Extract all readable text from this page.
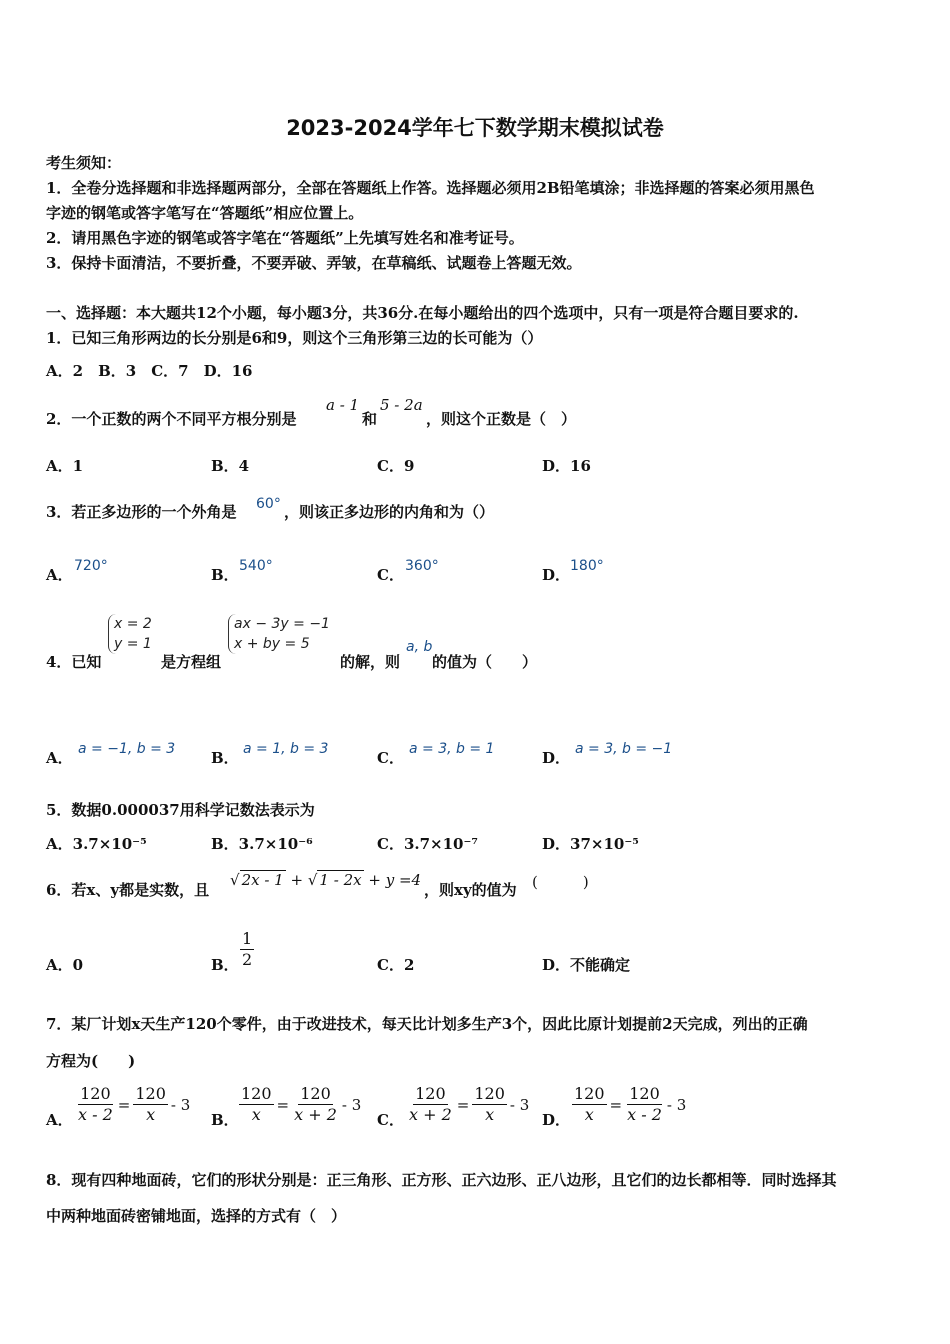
2023-2024学年七下数学期末模拟试卷
考生须知：
1．全卷分选择题和非选择题两部分，全部在答题纸上作答。选择题必须用2B铅笔填涂；非选择题的答案必须用黑色
字迹的钢笔或答字笔写在“答题纸”相应位置上。
2．请用黑色字迹的钢笔或答字笔在“答题纸”上先填写姓名和准考证号。
3．保持卡面清洁，不要折叠，不要弄破、弄皱，在草稿纸、试题卷上答题无效。
一、选择题：本大题共12个小题，每小题3分，共36分.在每小题给出的四个选项中，只有一项是符合题目要求的.
1．已知三角形两边的长分别是6和9，则这个三角形第三边的长可能为（）
A．2　B．3　C．7　D．16
2．一个正数的两个不同平方根分别是
a - 1
和
5 - 2a
，则这个正数是（　）
A．1	B．4	C．9	D．16
3．若正多边形的一个外角是 60° ，则该正多边形的内角和为（）
A． 720°	B． 540°	C． 360°	D． 180°
4．已知
x = 2
y = 1
是方程组
ax − 3y = −1
x + by = 5
的解，则
a, b
的值为（　　）
A． a = −1, b = 3 B． a = 1, b = 3	C． a = 3, b = 1	D． a = 3, b = −1
5．数据0.000037用科学记数法表示为
A．3.7×10⁻⁵	B．3.7×10⁻⁶	C．3.7×10⁻⁷	D．37×10⁻⁵
6．若x、y都是实数，且
√ 2x - 1 + √ 1 - 2x + y =4
，则xy的值为 (　　　)
A．0	B． $\frac{1}{2}$	C．2	D．不能确定
7．某厂计划x天生产120个零件，由于改进技术，每天比计划多生产3个，因此比原计划提前2天完成，列出的正确
方程为(　　)
A． $\frac{120}{x - 2} = \frac{120}{x} - 3$
B． $\frac{120}{x} = \frac{120}{x + 2} - 3$
C． $\frac{120}{x + 2} = \frac{120}{x} - 3$
D． $\frac{120}{x} = \frac{120}{x - 2} - 3$
8．现有四种地面砖，它们的形状分别是：正三角形、正方形、正六边形、正八边形，且它们的边长都相等．同时选择其
中两种地面砖密铺地面，选择的方式有（　）
